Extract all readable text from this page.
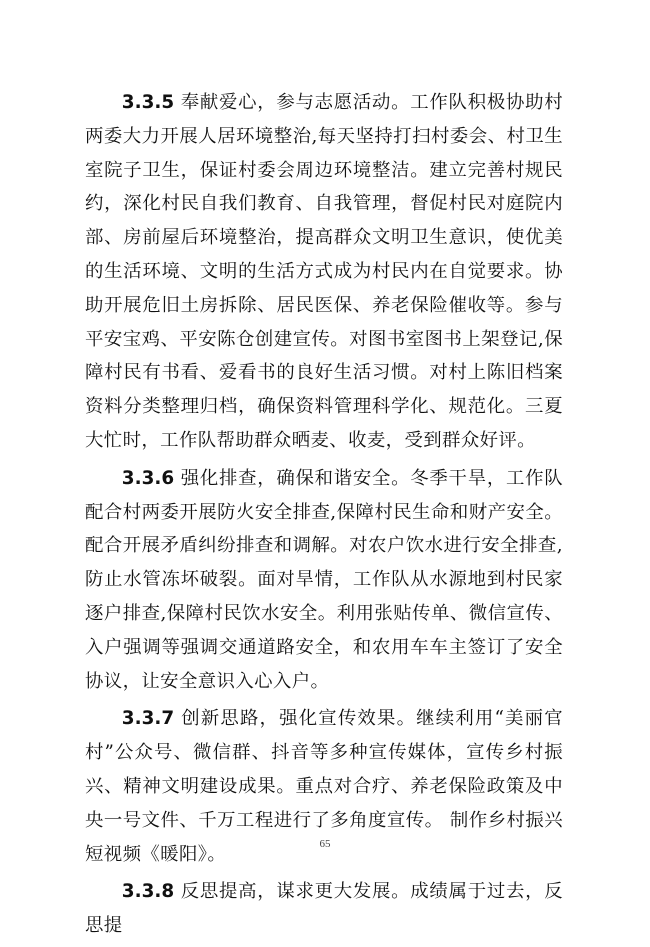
3.3.5 奉献爱心，参与志愿活动。工作队积极协助村两委大力开展人居环境整治,每天坚持打扫村委会、村卫生室院子卫生，保证村委会周边环境整洁。建立完善村规民约，深化村民自我们教育、自我管理，督促村民对庭院内部、房前屋后环境整治，提高群众文明卫生意识，使优美的生活环境、文明的生活方式成为村民内在自觉要求。协助开展危旧土房拆除、居民医保、养老保险催收等。参与平安宝鸡、平安陈仓创建宣传。对图书室图书上架登记,保障村民有书看、爱看书的良好生活习惯。对村上陈旧档案资料分类整理归档，确保资料管理科学化、规范化。三夏大忙时，工作队帮助群众晒麦、收麦，受到群众好评。

3.3.6 强化排查，确保和谐安全。冬季干旱，工作队配合村两委开展防火安全排查,保障村民生命和财产安全。配合开展矛盾纠纷排查和调解。对农户饮水进行安全排查,防止水管冻坏破裂。面对旱情，工作队从水源地到村民家逐户排查,保障村民饮水安全。利用张贴传单、微信宣传、入户强调等强调交通道路安全，和农用车车主签订了安全协议，让安全意识入心入户。

3.3.7 创新思路，强化宣传效果。继续利用“美丽官村”公众号、微信群、抖音等多种宣传媒体，宣传乡村振兴、精神文明建设成果。重点对合疗、养老保险政策及中央一号文件、千万工程进行了多角度宣传。 制作乡村振兴短视频《暖阳》。

3.3.8 反思提高，谋求更大发展。成绩属于过去，反思提

65
